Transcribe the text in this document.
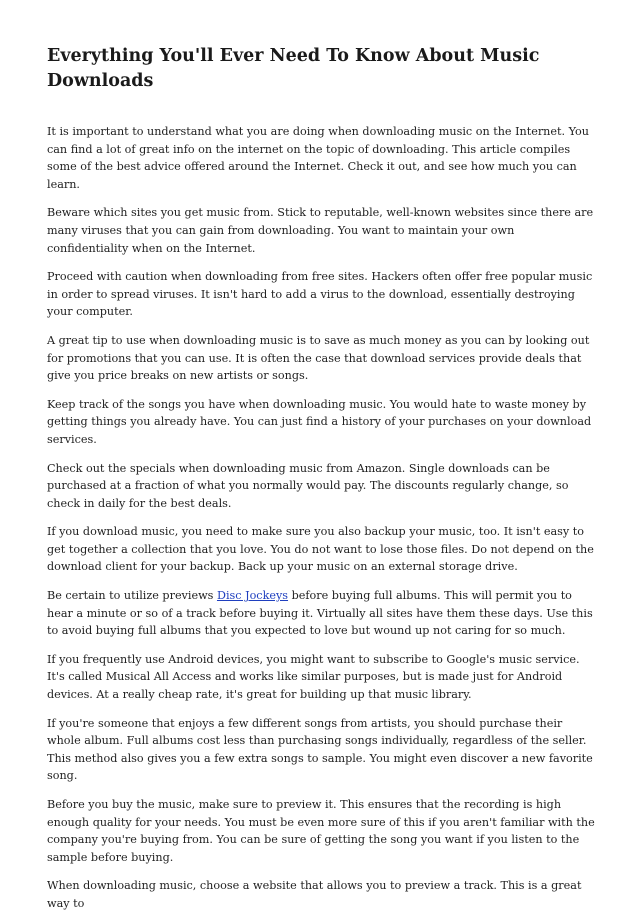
Everything You'll Ever Need To Know About Music Downloads

It is important to understand what you are doing when downloading music on the Internet. You can find a lot of great info on the internet on the topic of downloading. This article compiles some of the best advice offered around the Internet. Check it out, and see how much you can learn.

Beware which sites you get music from. Stick to reputable, well-known websites since there are many viruses that you can gain from downloading. You want to maintain your own confidentiality when on the Internet.

Proceed with caution when downloading from free sites. Hackers often offer free popular music in order to spread viruses. It isn't hard to add a virus to the download, essentially destroying your computer.

A great tip to use when downloading music is to save as much money as you can by looking out for promotions that you can use. It is often the case that download services provide deals that give you price breaks on new artists or songs.

Keep track of the songs you have when downloading music. You would hate to waste money by getting things you already have. You can just find a history of your purchases on your download services.

Check out the specials when downloading music from Amazon. Single downloads can be purchased at a fraction of what you normally would pay. The discounts regularly change, so check in daily for the best deals.

If you download music, you need to make sure you also backup your music, too. It isn't easy to get together a collection that you love. You do not want to lose those files. Do not depend on the download client for your backup. Back up your music on an external storage drive.

Be certain to utilize previews Disc Jockeys before buying full albums. This will permit you to hear a minute or so of a track before buying it. Virtually all sites have them these days. Use this to avoid buying full albums that you expected to love but wound up not caring for so much.

If you frequently use Android devices, you might want to subscribe to Google's music service. It's called Musical All Access and works like similar purposes, but is made just for Android devices. At a really cheap rate, it's great for building up that music library.

If you're someone that enjoys a few different songs from artists, you should purchase their whole album. Full albums cost less than purchasing songs individually, regardless of the seller. This method also gives you a few extra songs to sample. You might even discover a new favorite song.

Before you buy the music, make sure to preview it. This ensures that the recording is high enough quality for your needs. You must be even more sure of this if you aren't familiar with the company you're buying from. You can be sure of getting the song you want if you listen to the sample before buying.

When downloading music, choose a website that allows you to preview a track. This is a great way to
